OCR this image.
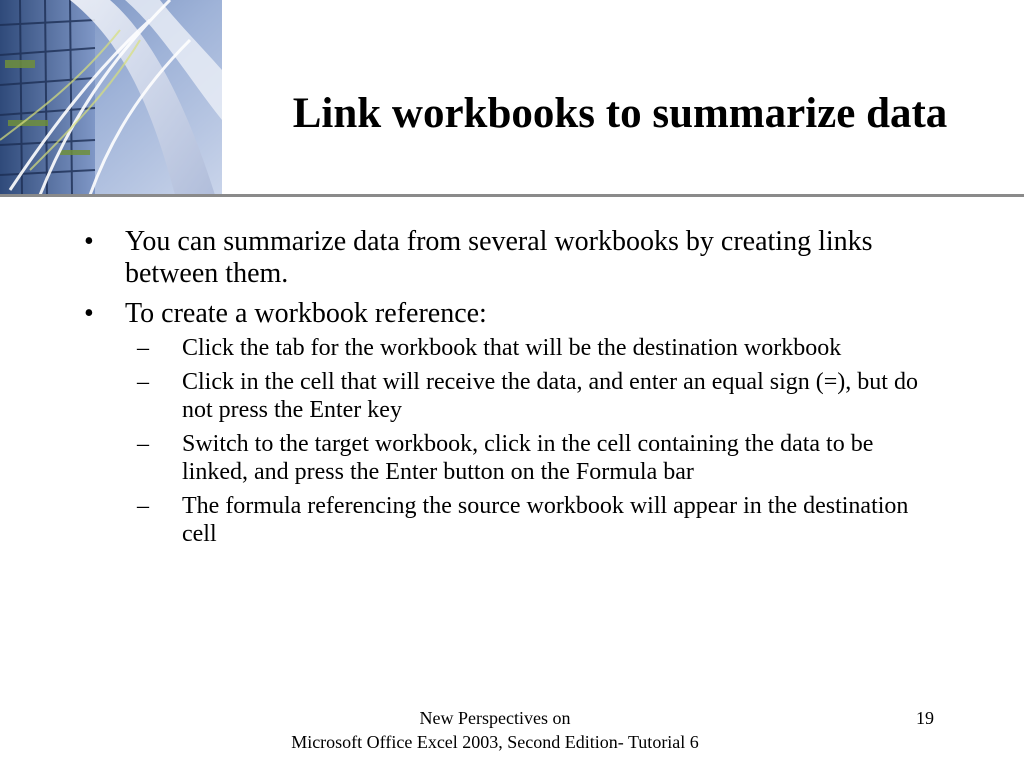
Link workbooks to summarize data
• You can summarize data from several workbooks by creating links between them.
• To create a workbook reference:
– Click the tab for the workbook that will be the destination workbook
– Click in the cell that will receive the data, and enter an equal sign (=), but do not press the Enter key
– Switch to the target workbook, click in the cell containing the data to be linked, and press the Enter button on the Formula bar
– The formula referencing the source workbook will appear in the destination cell
New Perspectives on
Microsoft Office Excel 2003, Second Edition- Tutorial 6
19
